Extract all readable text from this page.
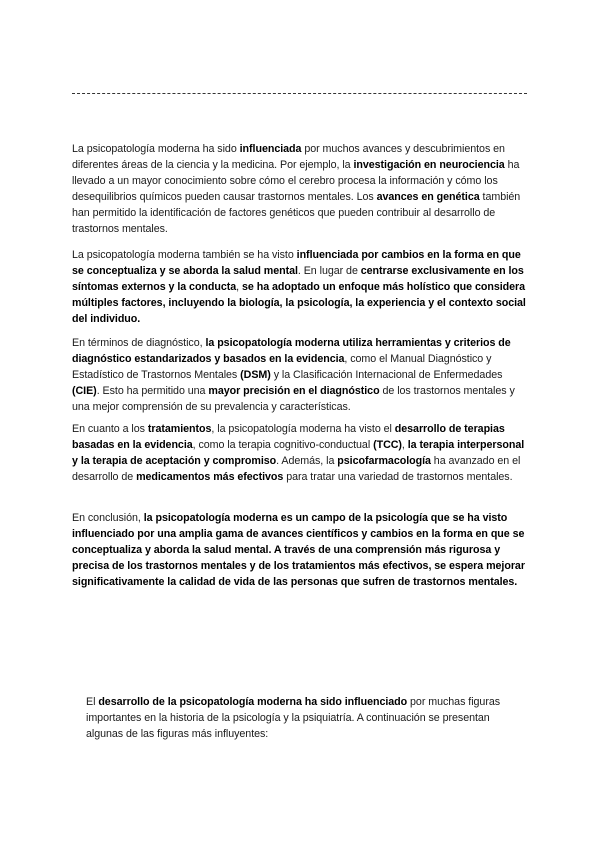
La psicopatología moderna ha sido influenciada por muchos avances y descubrimientos en diferentes áreas de la ciencia y la medicina. Por ejemplo, la investigación en neurociencia ha llevado a un mayor conocimiento sobre cómo el cerebro procesa la información y cómo los desequilibrios químicos pueden causar trastornos mentales. Los avances en genética también han permitido la identificación de factores genéticos que pueden contribuir al desarrollo de trastornos mentales.

La psicopatología moderna también se ha visto influenciada por cambios en la forma en que se conceptualiza y se aborda la salud mental. En lugar de centrarse exclusivamente en los síntomas externos y la conducta, se ha adoptado un enfoque más holístico que considera múltiples factores, incluyendo la biología, la psicología, la experiencia y el contexto social del individuo.

En términos de diagnóstico, la psicopatología moderna utiliza herramientas y criterios de diagnóstico estandarizados y basados en la evidencia, como el Manual Diagnóstico y Estadístico de Trastornos Mentales (DSM) y la Clasificación Internacional de Enfermedades (CIE). Esto ha permitido una mayor precisión en el diagnóstico de los trastornos mentales y una mejor comprensión de su prevalencia y características.

En cuanto a los tratamientos, la psicopatología moderna ha visto el desarrollo de terapias basadas en la evidencia, como la terapia cognitivo-conductual (TCC), la terapia interpersonal y la terapia de aceptación y compromiso. Además, la psicofarmacología ha avanzado en el desarrollo de medicamentos más efectivos para tratar una variedad de trastornos mentales.

En conclusión, la psicopatología moderna es un campo de la psicología que se ha visto influenciado por una amplia gama de avances científicos y cambios en la forma en que se conceptualiza y aborda la salud mental. A través de una comprensión más rigurosa y precisa de los trastornos mentales y de los tratamientos más efectivos, se espera mejorar significativamente la calidad de vida de las personas que sufren de trastornos mentales.

El desarrollo de la psicopatología moderna ha sido influenciado por muchas figuras importantes en la historia de la psicología y la psiquiatría. A continuación se presentan algunas de las figuras más influyentes:
